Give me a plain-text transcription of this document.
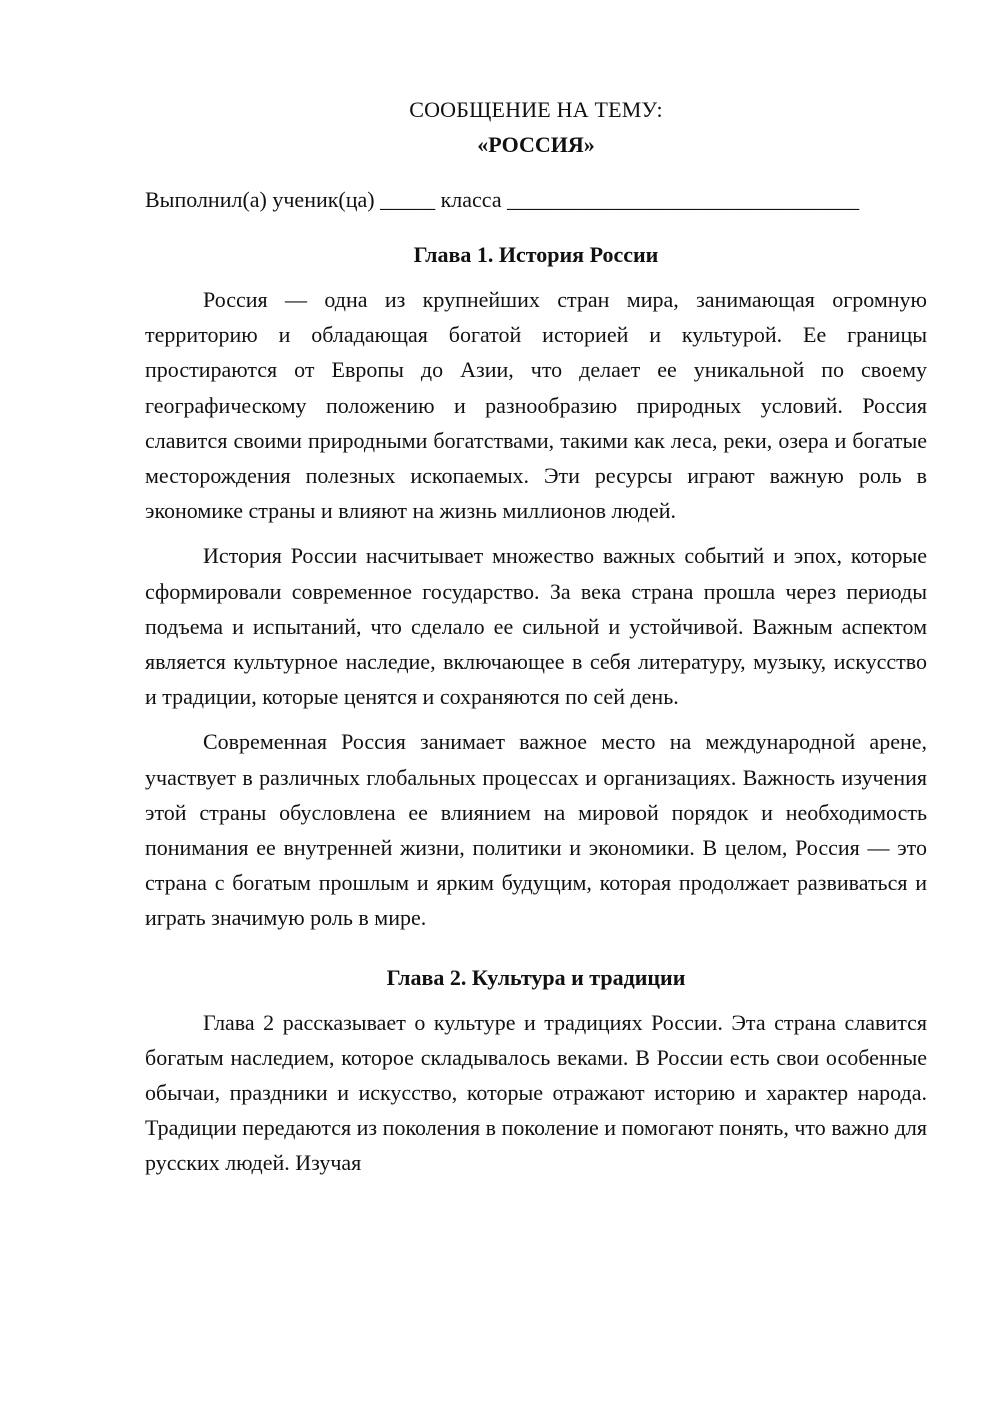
СООБЩЕНИЕ НА ТЕМУ:

«РОССИЯ»

Выполнил(а) ученик(ца) _____ класса ________________________________

Глава 1. История России

Россия — одна из крупнейших стран мира, занимающая огромную территорию и обладающая богатой историей и культурой. Ее границы простираются от Европы до Азии, что делает ее уникальной по своему географическому положению и разнообразию природных условий. Россия славится своими природными богатствами, такими как леса, реки, озера и богатые месторождения полезных ископаемых. Эти ресурсы играют важную роль в экономике страны и влияют на жизнь миллионов людей.

История России насчитывает множество важных событий и эпох, которые сформировали современное государство. За века страна прошла через периоды подъема и испытаний, что сделало ее сильной и устойчивой. Важным аспектом является культурное наследие, включающее в себя литературу, музыку, искусство и традиции, которые ценятся и сохраняются по сей день.

Современная Россия занимает важное место на международной арене, участвует в различных глобальных процессах и организациях. Важность изучения этой страны обусловлена ее влиянием на мировой порядок и необходимость понимания ее внутренней жизни, политики и экономики. В целом, Россия — это страна с богатым прошлым и ярким будущим, которая продолжает развиваться и играть значимую роль в мире.

Глава 2. Культура и традиции

Глава 2 рассказывает о культуре и традициях России. Эта страна славится богатым наследием, которое складывалось веками. В России есть свои особенные обычаи, праздники и искусство, которые отражают историю и характер народа. Традиции передаются из поколения в поколение и помогают понять, что важно для русских людей. Изучая
